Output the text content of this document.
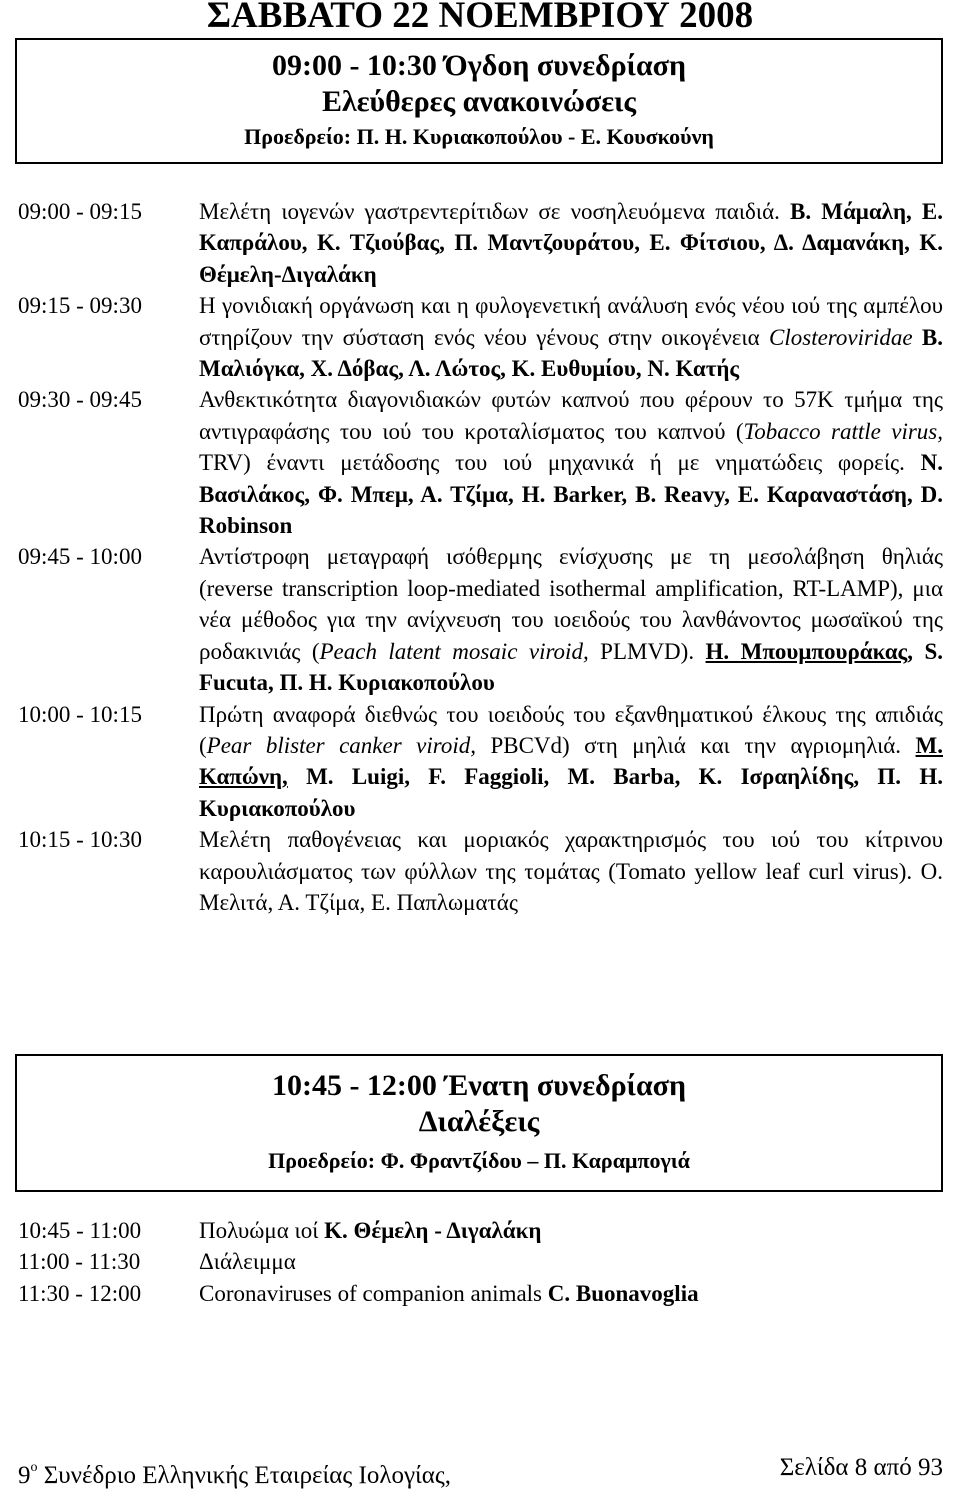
ΣΑΒΒΑΤΟ 22 ΝΟΕΜΒΡΙΟΥ 2008
09:00 - 10:30 Όγδοη συνεδρίαση
Ελεύθερες ανακοινώσεις
Προεδρείο: Π. Η. Κυριακοπούλου - Ε. Κουσκούνη
09:00 - 09:15	Μελέτη ιογενών γαστρεντερίτιδων σε νοσηλευόμενα παιδιά. Β. Μάμαλη, Ε. Καπράλου, Κ. Τζιούβας, Π. Μαντζουράτου, Ε. Φίτσιου, Δ. Δαμανάκη, Κ. Θέμελη-Διγαλάκη
09:15 - 09:30	Η γονιδιακή οργάνωση και η φυλογενετική ανάλυση ενός νέου ιού της αμπέλου στηρίζουν την σύσταση ενός νέου γένους στην οικογένεια Closteroviridae Β. Μαλιόγκα, Χ. Δόβας, Λ. Λώτος, Κ. Ευθυμίου, Ν. Κατής
09:30 - 09:45	Ανθεκτικότητα διαγονιδιακών φυτών καπνού που φέρουν το 57K τμήμα της αντιγραφάσης του ιού του κροταλίσματος του καπνού (Tobacco rattle virus, TRV) έναντι μετάδοσης του ιού μηχανικά ή με νηματώδεις φορείς. Ν. Βασιλάκος, Φ. Μπεμ, Α. Τζίμα, Η. Barker, Β. Reavy, Ε. Καραναστάση, D. Robinson
09:45 - 10:00	Αντίστροφη μεταγραφή ισόθερμης ενίσχυσης με τη μεσολάβηση θηλιάς (reverse transcription loop-mediated isothermal amplification, RT-LAMP), μια νέα μέθοδος για την ανίχνευση του ιοειδούς του λανθάνοντος μωσαϊκού της ροδακινιάς (Peach latent mosaic viroid, PLMVD). Η. Μπουμπουράκας, S. Fucuta, Π. Η. Κυριακοπούλου
10:00 - 10:15	Πρώτη αναφορά διεθνώς του ιοειδούς του εξανθηματικού έλκους της απιδιάς (Pear blister canker viroid, PBCVd) στη μηλιά και την αγριομηλιά. Μ. Καπώνη, M. Luigi, F. Faggioli, M. Barba, Κ. Ισραηλίδης, Π. Η. Κυριακοπούλου
10:15 - 10:30	Μελέτη παθογένειας και μοριακός χαρακτηρισμός του ιού του κίτρινου καρουλιάσματος των φύλλων της τομάτας (Tomato yellow leaf curl virus). Ο. Μελιτά, Α. Τζίμα, Ε. Παπλωματάς
10:45 - 12:00 Ένατη συνεδρίαση
Διαλέξεις
Προεδρείο: Φ. Φραντζίδου – Π. Καραμπογιά
10:45 - 11:00	Πολυώμα ιοί Κ. Θέμελη - Διγαλάκη
11:00 - 11:30	Διάλειμμα
11:30 - 12:00	Coronaviruses of companion animals C. Buonavoglia
$9^o$ Συνέδριο Ελληνικής Εταιρείας Ιολογίας,	Σελίδα 8 από 93
